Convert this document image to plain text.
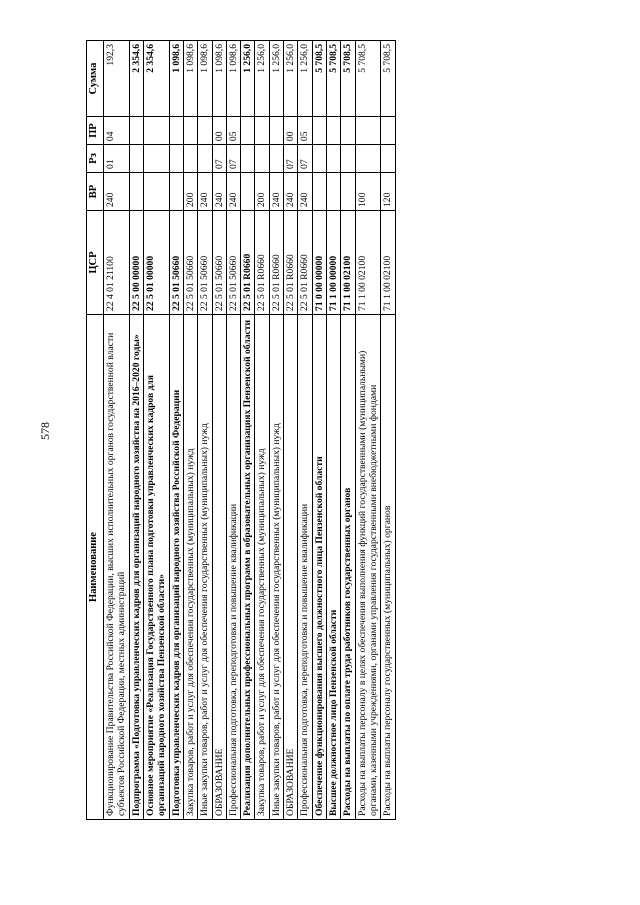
578
Наименование	ЦСР	ВР	Рз	ПР	Сумма
Функционирование Правительства Российской Федерации, высших исполнительных органов государственной власти субъектов Российской Федерации, местных администраций	22 4 01 21100	240	01	04	192,3
Подпрограмма «Подготовка управленческих кадров для организаций народного хозяйства на 2016–2020 годы»	22 5 00 00000				2 354,6
Основное мероприятие «Реализация Государственного плана подготовки управленческих кадров для организаций народного хозяйства Пензенской области»	22 5 01 00000				2 354,6
Подготовка управленческих кадров для организаций народного хозяйства Российской Федерации	22 5 01 50660				1 098,6
Закупка товаров, работ и услуг для обеспечения государственных (муниципальных) нужд	22 5 01 50660	200			1 098,6
Иные закупки товаров, работ и услуг для обеспечения государственных (муниципальных) нужд	22 5 01 50660	240			1 098,6
ОБРАЗОВАНИЕ	22 5 01 50660	240	07	00	1 098,6
Профессиональная подготовка, переподготовка и повышение квалификации	22 5 01 50660	240	07	05	1 098,6
Реализация дополнительных профессиональных программ в образовательных организациях Пензенской области	22 5 01 R0660				1 256,0
Закупка товаров, работ и услуг для обеспечения государственных (муниципальных) нужд	22 5 01 R0660	200			1 256,0
Иные закупки товаров, работ и услуг для обеспечения государственных (муниципальных) нужд	22 5 01 R0660	240			1 256,0
ОБРАЗОВАНИЕ	22 5 01 R0660	240	07	00	1 256,0
Профессиональная подготовка, переподготовка и повышение квалификации	22 5 01 R0660	240	07	05	1 256,0
Обеспечение функционирования высшего должностного лица Пензенской области	71 0 00 00000				5 708,5
Высшее должностное лицо Пензенской области	71 1 00 00000				5 708,5
Расходы на выплаты по оплате труда работников государственных органов	71 1 00 02100				5 708,5
Расходы на выплаты персоналу в целях обеспечения выполнения функций государственными (муниципальными) органами, казенными учреждениями, органами управления государственными внебюджетными фондами	71 1 00 02100	100			5 708,5
Расходы на выплаты персоналу государственных (муниципальных) органов	71 1 00 02100	120			5 708,5
